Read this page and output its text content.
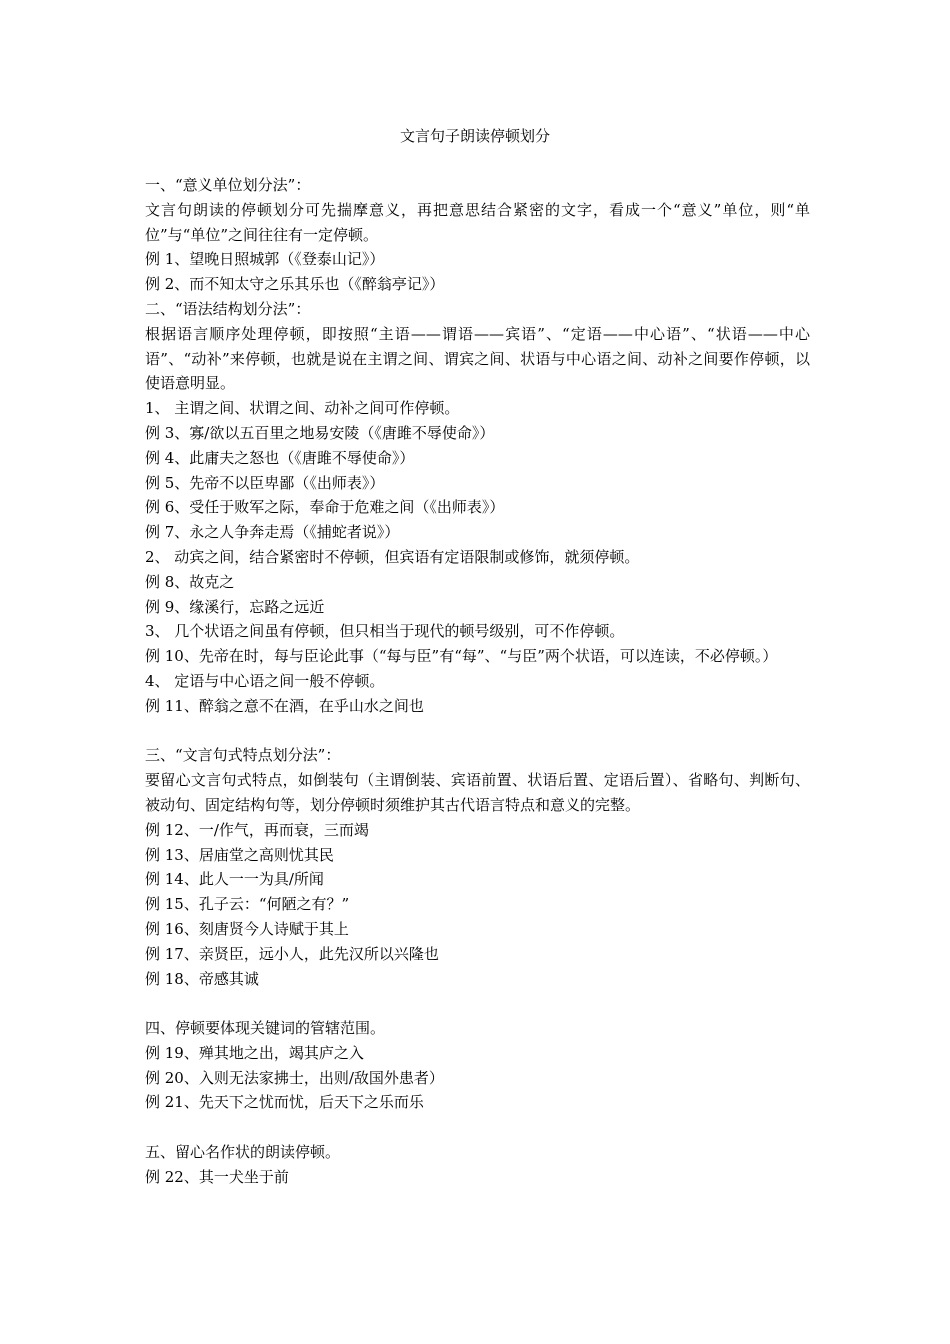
文言句子朗读停顿划分
一、“意义单位划分法”：
文言句朗读的停顿划分可先揣摩意义，再把意思结合紧密的文字，看成一个“意义”单位，则“单位”与“单位”之间往往有一定停顿。
例 1、望晚日照城郭（《登泰山记》）
例 2、而不知太守之乐其乐也（《醉翁亭记》）
二、“语法结构划分法”：
根据语言顺序处理停顿，即按照“主语——谓语——宾语”、“定语——中心语”、“状语——中心语”、“动补”来停顿，也就是说在主谓之间、谓宾之间、状语与中心语之间、动补之间要作停顿，以使语意明显。
1、 主谓之间、状谓之间、动补之间可作停顿。
例 3、寡/欲以五百里之地易安陵（《唐雎不辱使命》）
例 4、此庸夫之怒也（《唐雎不辱使命》）
例 5、先帝不以臣卑鄙（《出师表》）
例 6、受任于败军之际，奉命于危难之间（《出师表》）
例 7、永之人争奔走焉（《捕蛇者说》）
2、 动宾之间，结合紧密时不停顿，但宾语有定语限制或修饰，就须停顿。
例 8、故克之
例 9、缘溪行，忘路之远近
3、 几个状语之间虽有停顿，但只相当于现代的顿号级别，可不作停顿。
例 10、先帝在时，每与臣论此事（“每与臣”有“每”、“与臣”两个状语，可以连读，不必停顿。）
4、 定语与中心语之间一般不停顿。
例 11、醉翁之意不在酒，在乎山水之间也
三、“文言句式特点划分法”：
要留心文言句式特点，如倒装句（主谓倒装、宾语前置、状语后置、定语后置）、省略句、判断句、被动句、固定结构句等，划分停顿时须维护其古代语言特点和意义的完整。
例 12、一/作气，再而衰，三而竭
例 13、居庙堂之高则忧其民
例 14、此人一一为具/所闻
例 15、孔子云：“何陋之有？”
例 16、刻唐贤今人诗赋于其上
例 17、亲贤臣，远小人，此先汉所以兴隆也
例 18、帝感其诚
四、停顿要体现关键词的管辖范围。
例 19、殚其地之出，竭其庐之入
例 20、入则无法家拂士，出则/敌国外患者）
例 21、先天下之忧而忧，后天下之乐而乐
五、留心名作状的朗读停顿。
例 22、其一犬坐于前
